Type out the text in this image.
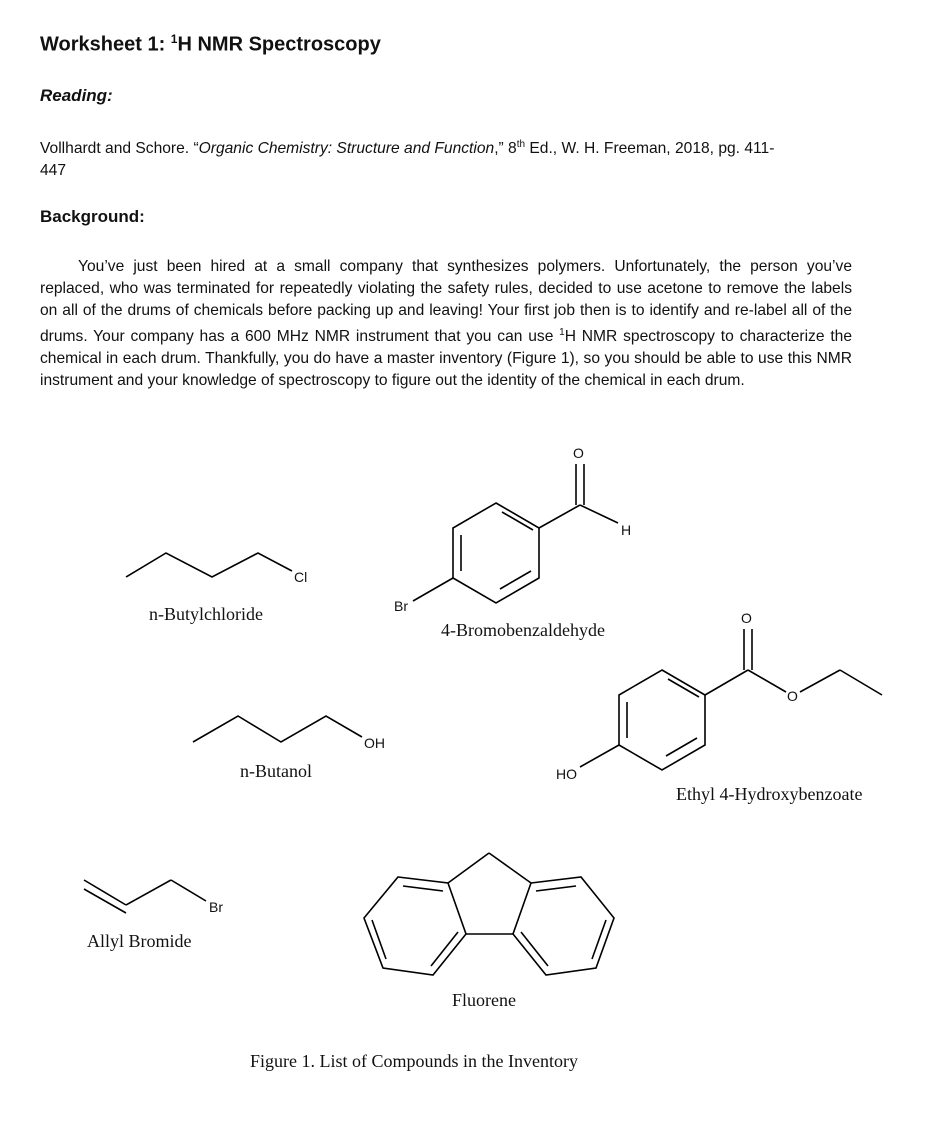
Worksheet 1: $^1$H NMR Spectroscopy
Reading:
Vollhardt and Schore. “Organic Chemistry: Structure and Function,” 8th Ed., W. H. Freeman, 2018, pg. 411-
447
Background:
You’ve just been hired at a small company that synthesizes polymers. Unfortunately, the person you’ve replaced, who was terminated for repeatedly violating the safety rules, decided to use acetone to remove the labels on all of the drums of chemicals before packing up and leaving! Your first job then is to identify and re-label all of the drums. Your company has a 600 MHz NMR instrument that you can use $^1$H NMR spectroscopy to characterize the chemical in each drum. Thankfully, you do have a master inventory (Figure 1), so you should be able to use this NMR instrument and your knowledge of spectroscopy to figure out the identity of the chemical in each drum.
Cl
O
H
Br
OH
O
O
HO
Br
n-Butylchloride
4-Bromobenzaldehyde
n-Butanol
Ethyl 4-Hydroxybenzoate
Allyl Bromide
Fluorene
Figure 1. List of Compounds in the Inventory
